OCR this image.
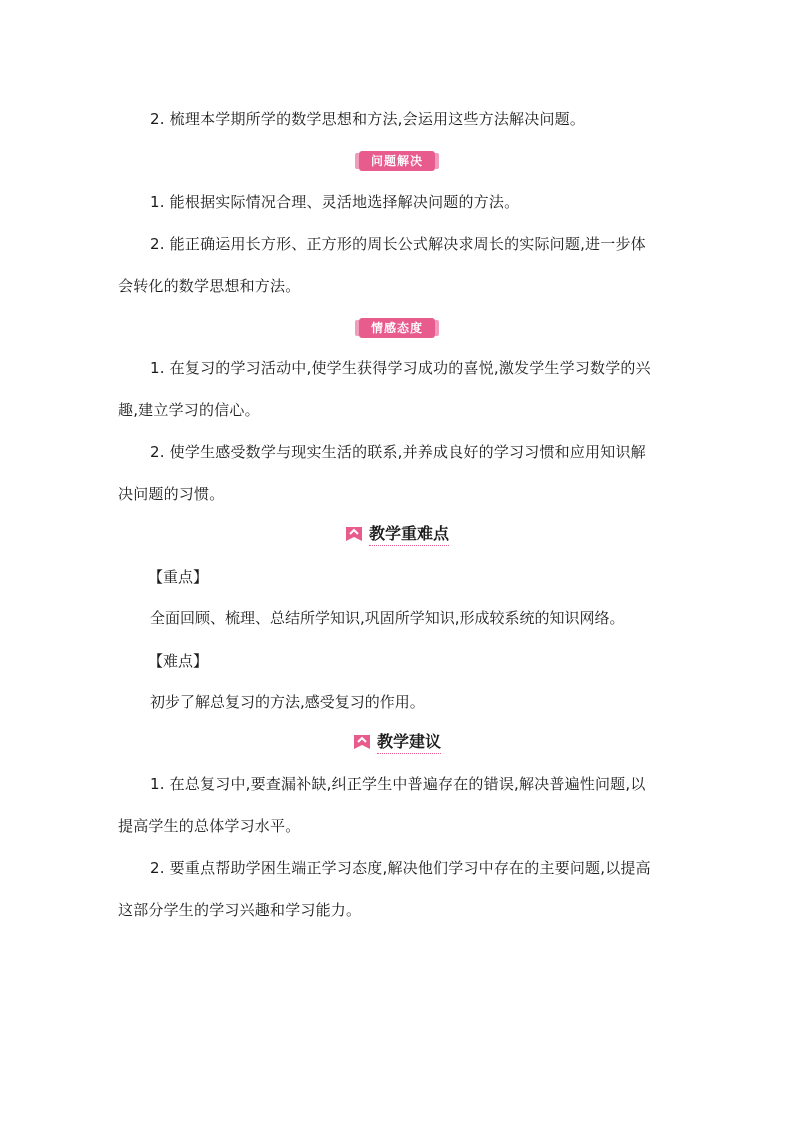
2. 梳理本学期所学的数学思想和方法,会运用这些方法解决问题。

问题解决

1. 能根据实际情况合理、灵活地选择解决问题的方法。

2. 能正确运用长方形、正方形的周长公式解决求周长的实际问题,进一步体
会转化的数学思想和方法。

情感态度

1. 在复习的学习活动中,使学生获得学习成功的喜悦,激发学生学习数学的兴
趣,建立学习的信心。

2. 使学生感受数学与现实生活的联系,并养成良好的学习习惯和应用知识解
决问题的习惯。

教学重难点
【重点】
全面回顾、梳理、总结所学知识,巩固所学知识,形成较系统的知识网络。
【难点】
初步了解总复习的方法,感受复习的作用。
教学建议

1. 在总复习中,要查漏补缺,纠正学生中普遍存在的错误,解决普遍性问题,以
提高学生的总体学习水平。

2. 要重点帮助学困生端正学习态度,解决他们学习中存在的主要问题,以提高
这部分学生的学习兴趣和学习能力。
